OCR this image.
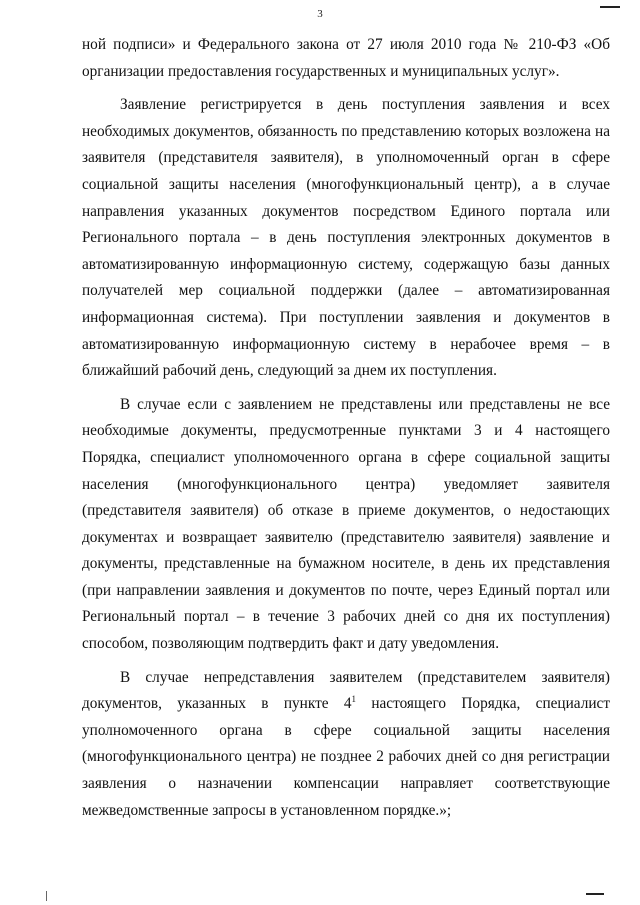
3

ной подписи» и Федерального закона от 27 июля 2010 года № 210-ФЗ «Об организации предоставления государственных и муниципальных услуг».

Заявление регистрируется в день поступления заявления и всех необходимых документов, обязанность по представлению которых возложена на заявителя (представителя заявителя), в уполномоченный орган в сфере социальной защиты населения (многофункциональный центр), а в случае направления указанных документов посредством Единого портала или Регионального портала – в день поступления электронных документов в автоматизированную информационную систему, содержащую базы данных получателей мер социальной поддержки (далее – автоматизированная информационная система). При поступлении заявления и документов в автоматизированную информационную систему в нерабочее время – в ближайший рабочий день, следующий за днем их поступления.

В случае если с заявлением не представлены или представлены не все необходимые документы, предусмотренные пунктами 3 и 4 настоящего Порядка, специалист уполномоченного органа в сфере социальной защиты населения (многофункционального центра) уведомляет заявителя (представителя заявителя) об отказе в приеме документов, о недостающих документах и возвращает заявителю (представителю заявителя) заявление и документы, представленные на бумажном носителе, в день их представления (при направлении заявления и документов по почте, через Единый портал или Региональный портал – в течение 3 рабочих дней со дня их поступления) способом, позволяющим подтвердить факт и дату уведомления.

В случае непредставления заявителем (представителем заявителя) документов, указанных в пункте $4^1$ настоящего Порядка, специалист уполномоченного органа в сфере социальной защиты населения (многофункционального центра) не позднее 2 рабочих дней со дня регистрации заявления о назначении компенсации направляет соответствующие межведомственные запросы в установленном порядке.»;
